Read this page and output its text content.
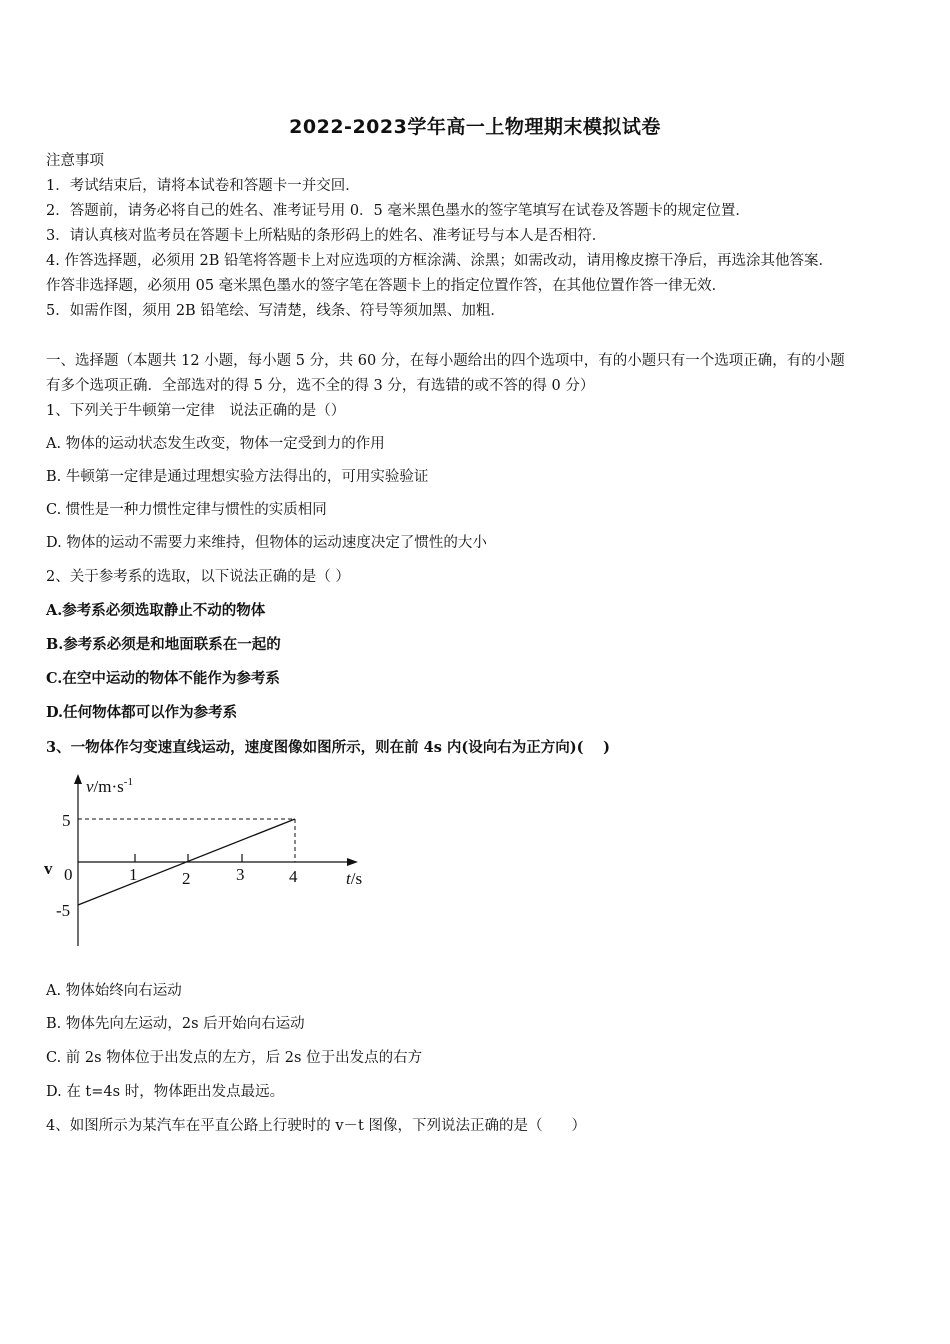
2022-2023学年高一上物理期末模拟试卷
注意事项
1．考试结束后，请将本试卷和答题卡一并交回．
2．答题前，请务必将自己的姓名、准考证号用 0．5 毫米黑色墨水的签字笔填写在试卷及答题卡的规定位置．
3．请认真核对监考员在答题卡上所粘贴的条形码上的姓名、准考证号与本人是否相符．
4. 作答选择题，必须用 2B 铅笔将答题卡上对应选项的方框涂满、涂黑；如需改动，请用橡皮擦干净后，再选涂其他答案．
作答非选择题，必须用 05 毫米黑色墨水的签字笔在答题卡上的指定位置作答，在其他位置作答一律无效．
5．如需作图，须用 2B 铅笔绘、写清楚，线条、符号等须加黑、加粗．
一、选择题（本题共 12 小题，每小题 5 分，共 60 分，在每小题给出的四个选项中，有的小题只有一个选项正确，有的小题
有多个选项正确．全部选对的得 5 分，选不全的得 3 分，有选错的或不答的得 0 分）
1、下列关于牛顿第一定律　说法正确的是（）
A. 物体的运动状态发生改变，物体一定受到力的作用
B. 牛顿第一定律是通过理想实验方法得出的，可用实验验证
C. 惯性是一种力惯性定律与惯性的实质相同
D. 物体的运动不需要力来维持，但物体的运动速度决定了惯性的大小
2、关于参考系的选取，以下说法正确的是（ ）
A.参考系必须选取静止不动的物体
B.参考系必须是和地面联系在一起的
C.在空中运动的物体不能作为参考系
D.任何物体都可以作为参考系
3、一物体作匀变速直线运动，速度图像如图所示，则在前 4s 内(设向右为正方向)(　 )
$v/m\cdot s^{-1}$
t/s
v 0
5
-5
1	2	3	4
A. 物体始终向右运动
B. 物体先向左运动，2s 后开始向右运动
C. 前 2s 物体位于出发点的左方，后 2s 位于出发点的右方
D. 在 t=4s 时，物体距出发点最远。
4、如图所示为某汽车在平直公路上行驶时的 v－t 图像，下列说法正确的是（　　）
